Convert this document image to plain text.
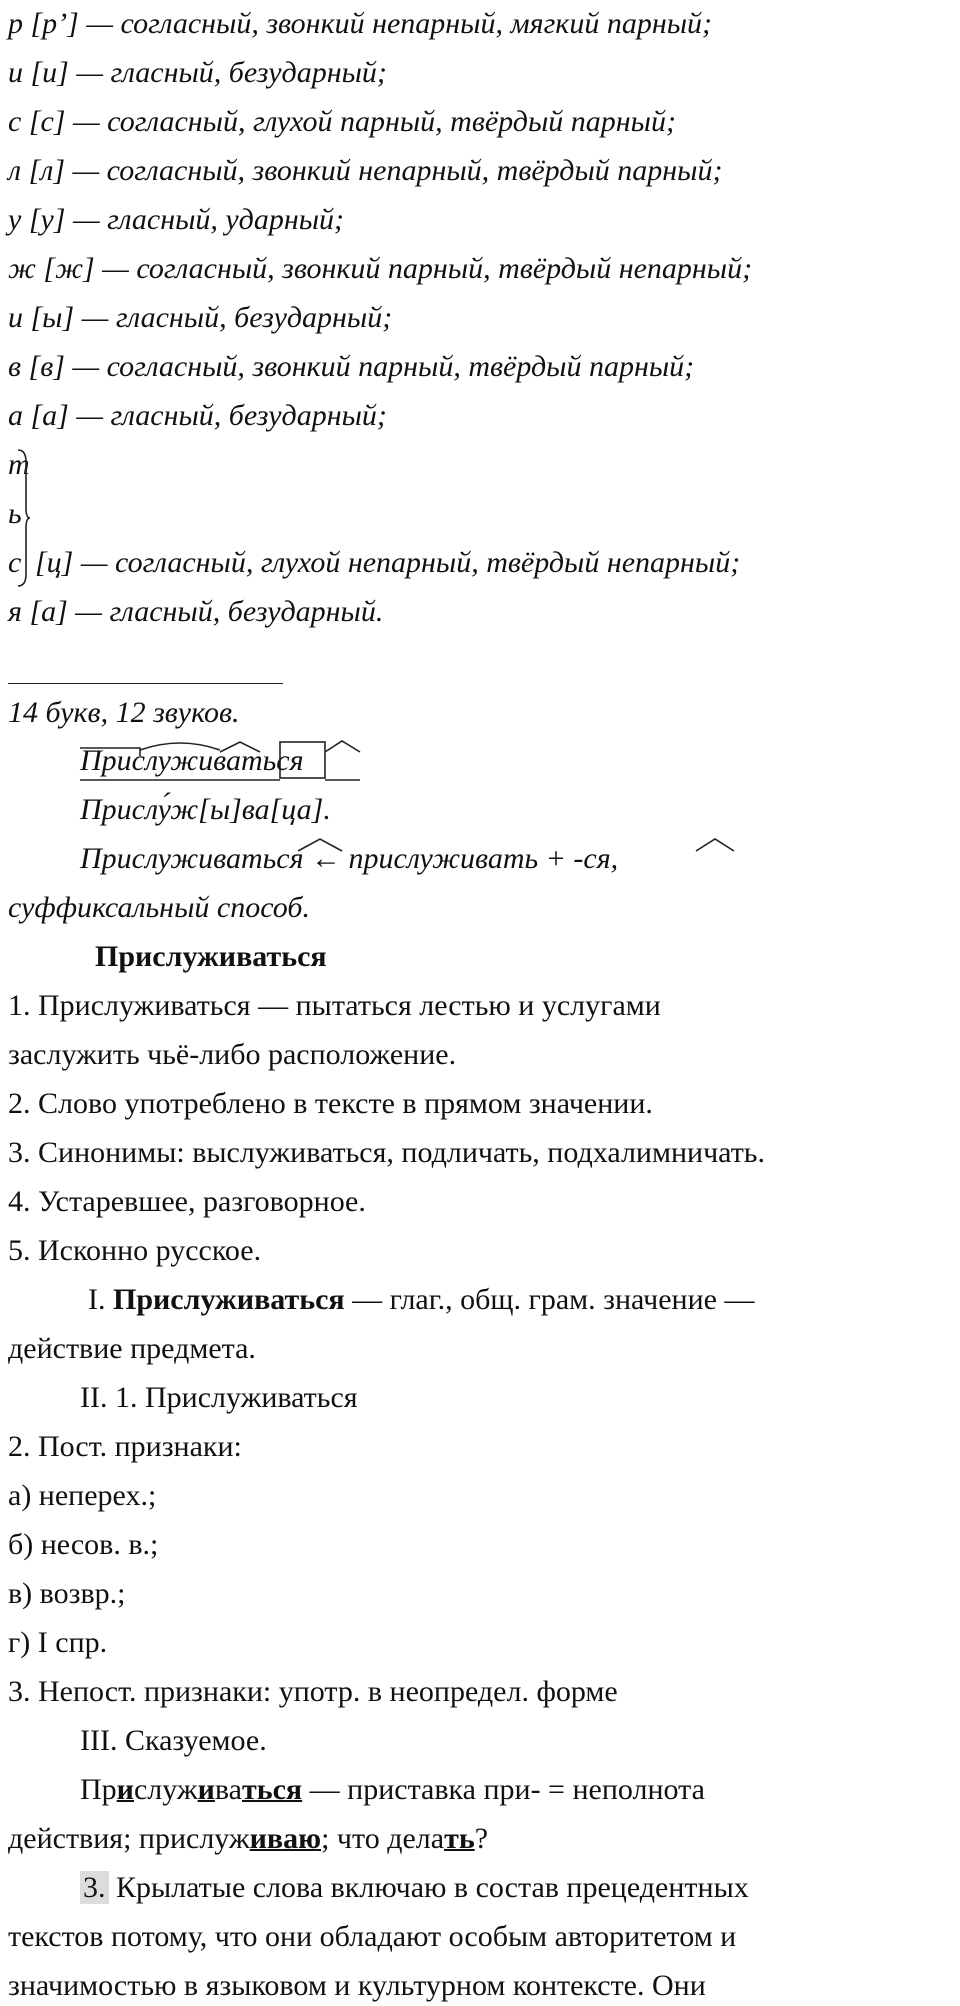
р [р’] — согласный, звонкий непарный, мягкий парный;
и [и] — гласный, безударный;
с [с] — согласный, глухой парный, твёрдый парный;
л [л] — согласный, звонкий непарный, твёрдый парный;
у [у] — гласный, ударный;
ж [ж] — согласный, звонкий парный, твёрдый непарный;
и [ы] — гласный, безударный;
в [в] — согласный, звонкий парный, твёрдый парный;
а [а] — гласный, безударный;
т
ь
с [ц] — согласный, глухой непарный, твёрдый непарный;
я [а] — гласный, безударный.
14 букв, 12 звуков.
Прислуживаться
Прислу́ж[ы]ва[ца].
Прислуживаться ← прислуживать + -ся,
суффиксальный способ.
Прислуживаться
1. Прислуживаться — пытаться лестью и услугами
заслужить чьё-либо расположение.
2. Слово употреблено в тексте в прямом значении.
3. Синонимы: выслуживаться, подличать, подхалимничать.
4. Устаревшее, разговорное.
5. Исконно русское.
I. Прислуживаться — глаг., общ. грам. значение —
действие предмета.
II. 1. Прислуживаться
2. Пост. признаки:
а) неперех.;
б) несов. в.;
в) возвр.;
г) I спр.
3. Непост. признаки: употр. в неопредел. форме
III. Сказуемое.
Прислуживаться — приставка при- = неполнота
действия; прислуживаю; что делать?
3. Крылатые слова включаю в состав прецедентных
текстов потому, что они обладают особым авторитетом и
значимостью в языковом и культурном контексте. Они
